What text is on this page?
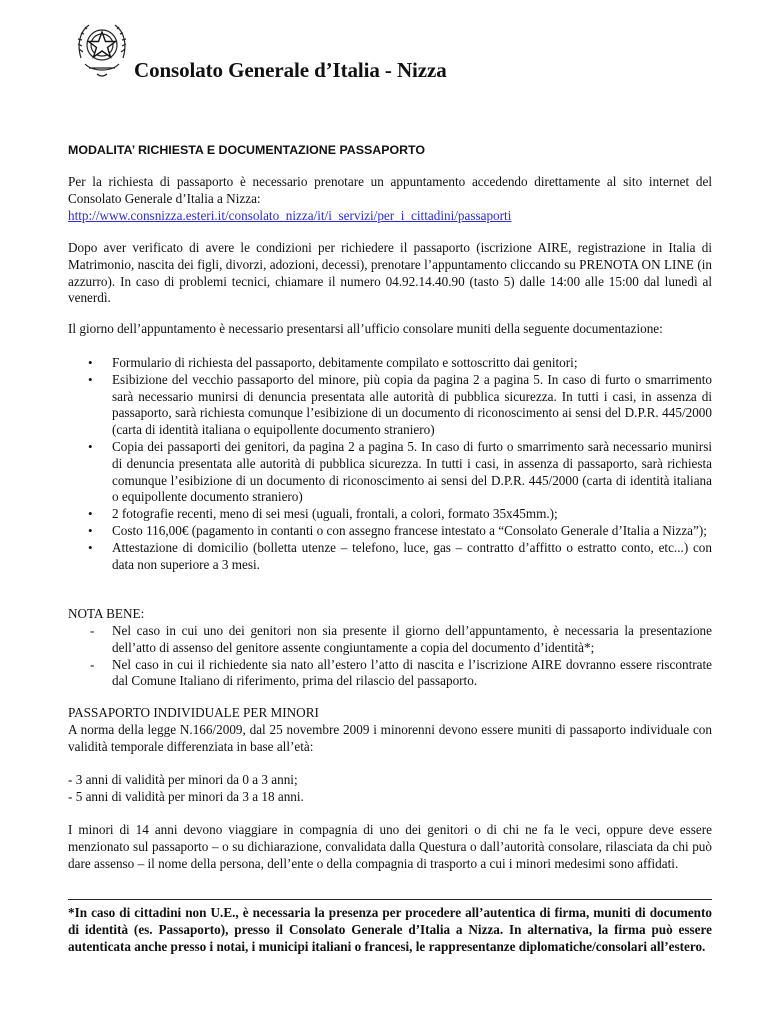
Consolato Generale d’Italia - Nizza
MODALITA’ RICHIESTA E DOCUMENTAZIONE PASSAPORTO
Per la richiesta di passaporto è necessario prenotare un appuntamento accedendo direttamente al sito internet del Consolato Generale d’Italia a Nizza:
http://www.consnizza.esteri.it/consolato_nizza/it/i_servizi/per_i_cittadini/passaporti
Dopo aver verificato di avere le condizioni per richiedere il passaporto (iscrizione AIRE, registrazione in Italia di Matrimonio, nascita dei figli, divorzi, adozioni, decessi), prenotare l’appuntamento cliccando su PRENOTA ON LINE (in azzurro). In caso di problemi tecnici, chiamare il numero 04.92.14.40.90 (tasto 5) dalle 14:00 alle 15:00 dal lunedì al venerdì.
Il giorno dell’appuntamento è necessario presentarsi all’ufficio consolare muniti della seguente documentazione:
• Formulario di richiesta del passaporto, debitamente compilato e sottoscritto dai genitori;
• Esibizione del vecchio passaporto del minore, più copia da pagina 2 a pagina 5. In caso di furto o smarrimento sarà necessario munirsi di denuncia presentata alle autorità di pubblica sicurezza. In tutti i casi, in assenza di passaporto, sarà richiesta comunque l’esibizione di un documento di riconoscimento ai sensi del D.P.R. 445/2000 (carta di identità italiana o equipollente documento straniero)
• Copia dei passaporti dei genitori, da pagina 2 a pagina 5. In caso di furto o smarrimento sarà necessario munirsi di denuncia presentata alle autorità di pubblica sicurezza. In tutti i casi, in assenza di passaporto, sarà richiesta comunque l’esibizione di un documento di riconoscimento ai sensi del D.P.R. 445/2000 (carta di identità italiana o equipollente documento straniero)
• 2 fotografie recenti, meno di sei mesi (uguali, frontali, a colori, formato 35x45mm.);
• Costo 116,00€ (pagamento in contanti o con assegno francese intestato a “Consolato Generale d’Italia a Nizza”);
• Attestazione di domicilio (bolletta utenze – telefono, luce, gas – contratto d’affitto o estratto conto, etc...) con data non superiore a 3 mesi.
NOTA BENE:
- Nel caso in cui uno dei genitori non sia presente il giorno dell’appuntamento, è necessaria la presentazione dell’atto di assenso del genitore assente congiuntamente a copia del documento d’identità*;
- Nel caso in cui il richiedente sia nato all’estero l’atto di nascita e l’iscrizione AIRE dovranno essere riscontrate dal Comune Italiano di riferimento, prima del rilascio del passaporto.
PASSAPORTO INDIVIDUALE PER MINORI
A norma della legge N.166/2009, dal 25 novembre 2009 i minorenni devono essere muniti di passaporto individuale con validità temporale differenziata in base all’età:
- 3 anni di validità per minori da 0 a 3 anni;
- 5 anni di validità per minori da 3 a 18 anni.
I minori di 14 anni devono viaggiare in compagnia di uno dei genitori o di chi ne fa le veci, oppure deve essere menzionato sul passaporto – o su dichiarazione, convalidata dalla Questura o dall’autorità consolare, rilasciata da chi può dare assenso – il nome della persona, dell’ente o della compagnia di trasporto a cui i minori medesimi sono affidati.
*In caso di cittadini non U.E., è necessaria la presenza per procedere all’autentica di firma, muniti di documento di identità (es. Passaporto), presso il Consolato Generale d’Italia a Nizza. In alternativa, la firma può essere autenticata anche presso i notai, i municipi italiani o francesi, le rappresentanze diplomatiche/consolari all’estero.
